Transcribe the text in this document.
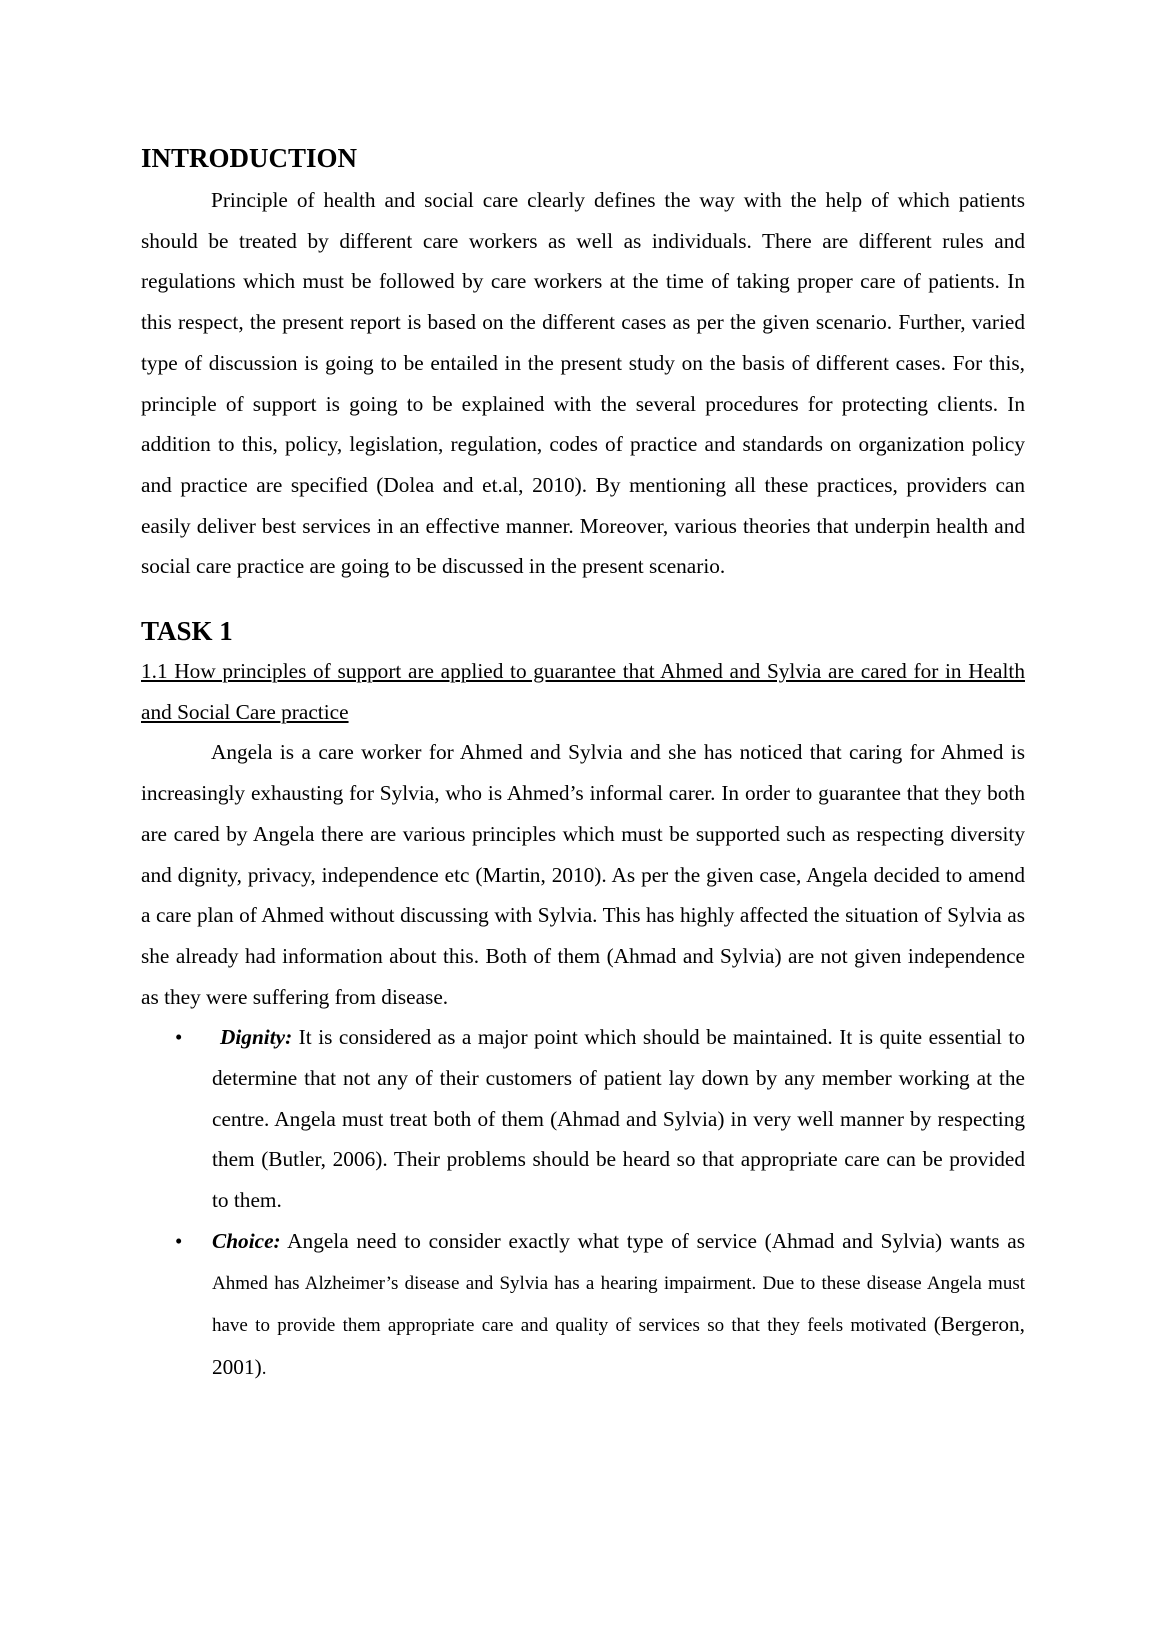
INTRODUCTION

Principle of health and social care clearly defines the way with the help of which patients should be treated by different care workers as well as individuals. There are different rules and regulations which must be followed by care workers at the time of taking proper care of patients. In this respect, the present report is based on the different cases as per the given scenario. Further, varied type of discussion is going to be entailed in the present study on the basis of different cases. For this, principle of support is going to be explained with the several procedures for protecting clients. In addition to this, policy, legislation, regulation, codes of practice and standards on organization policy and practice are specified (Dolea and et.al, 2010). By mentioning all these practices, providers can easily deliver best services in an effective manner. Moreover, various theories that underpin health and social care practice are going to be discussed in the present scenario.

TASK 1

1.1 How principles of support are applied to guarantee that Ahmed and Sylvia are cared for in Health and Social Care practice

Angela is a care worker for Ahmed and Sylvia and she has noticed that caring for Ahmed is increasingly exhausting for Sylvia, who is Ahmed’s informal carer. In order to guarantee that they both are cared by Angela there are various principles which must be supported such as respecting diversity and dignity, privacy, independence etc (Martin, 2010). As per the given case, Angela decided to amend a care plan of Ahmed without discussing with Sylvia. This has highly affected the situation of Sylvia as she already had information about this. Both of them (Ahmad and Sylvia) are not given independence as they were suffering from disease.

• Dignity: It is considered as a major point which should be maintained. It is quite essential to determine that not any of their customers of patient lay down by any member working at the centre. Angela must treat both of them (Ahmad and Sylvia) in very well manner by respecting them (Butler, 2006). Their problems should be heard so that appropriate care can be provided to them.
• Choice: Angela need to consider exactly what type of service (Ahmad and Sylvia) wants as Ahmed has Alzheimer’s disease and Sylvia has a hearing impairment. Due to these disease Angela must have to provide them appropriate care and quality of services so that they feels motivated (Bergeron, 2001).
